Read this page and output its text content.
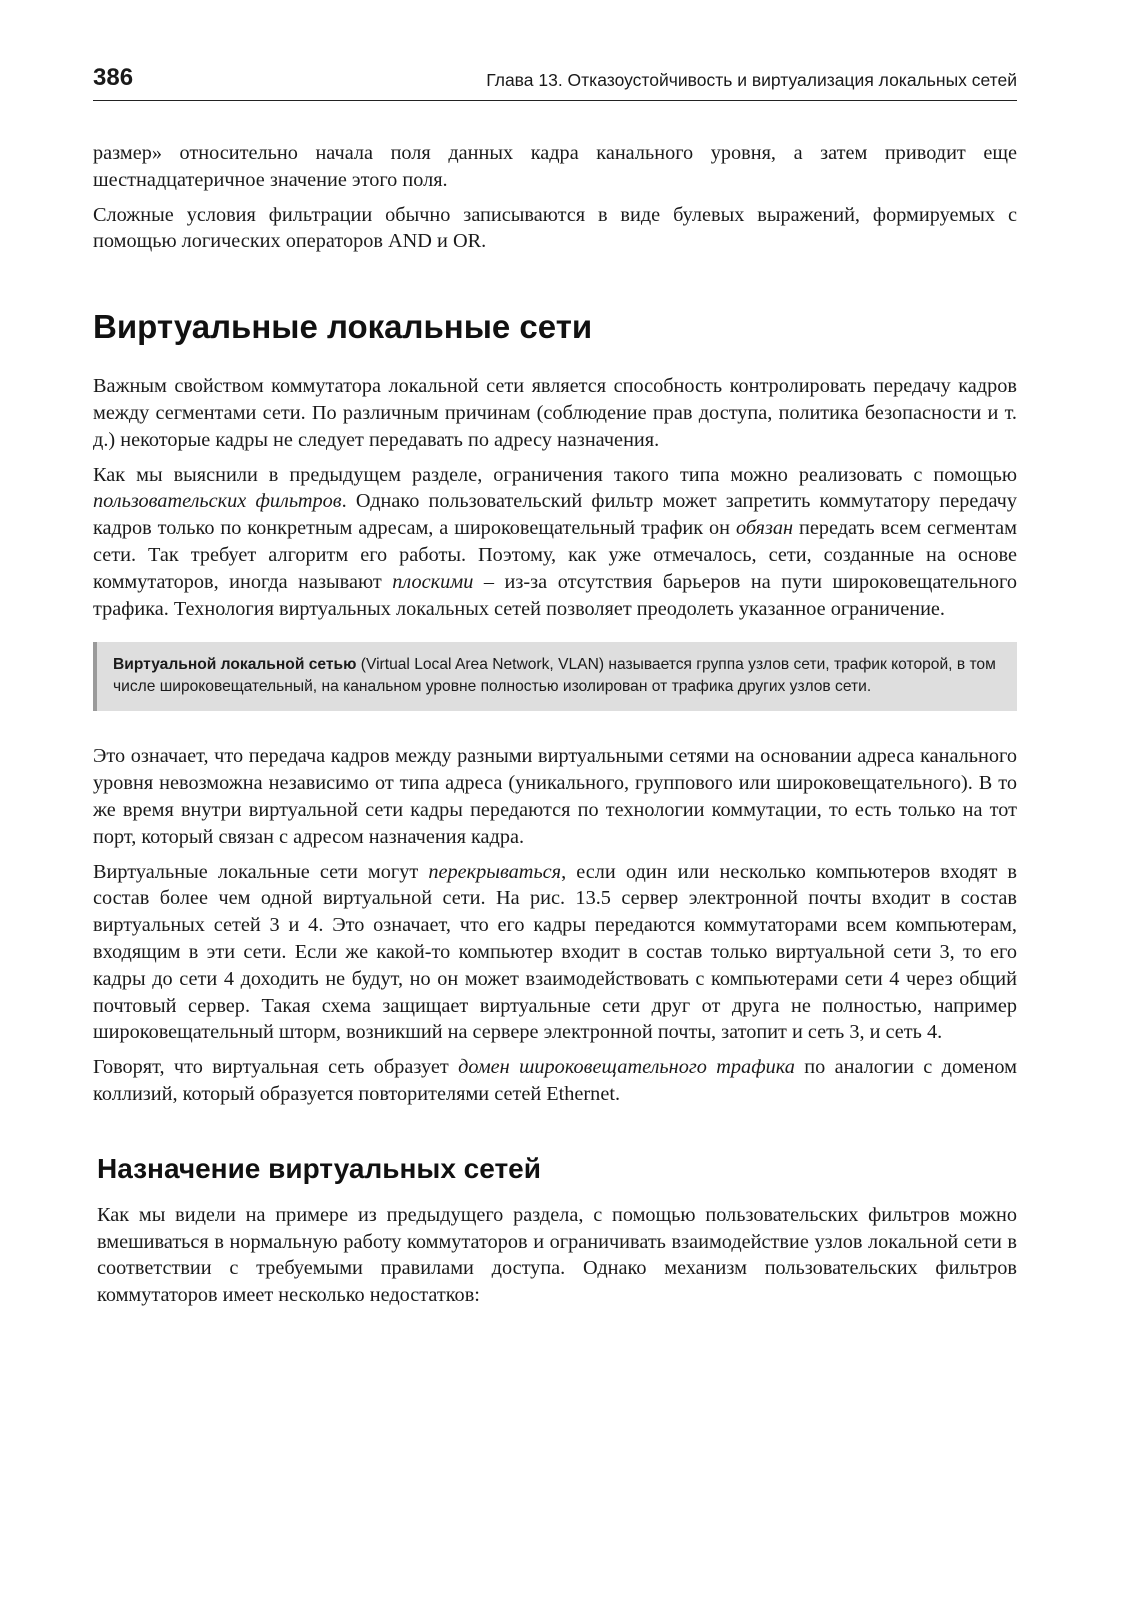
386	Глава 13. Отказоустойчивость и виртуализация локальных сетей

размер» относительно начала поля данных кадра канального уровня, а затем приводит еще шестнадцатеричное значение этого поля.

Сложные условия фильтрации обычно записываются в виде булевых выражений, формируемых с помощью логических операторов AND и OR.

Виртуальные локальные сети

Важным свойством коммутатора локальной сети является способность контролировать передачу кадров между сегментами сети. По различным причинам (соблюдение прав доступа, политика безопасности и т. д.) некоторые кадры не следует передавать по адресу назначения.

Как мы выяснили в предыдущем разделе, ограничения такого типа можно реализовать с помощью пользовательских фильтров. Однако пользовательский фильтр может запретить коммутатору передачу кадров только по конкретным адресам, а широковещательный трафик он обязан передать всем сегментам сети. Так требует алгоритм его работы. Поэтому, как уже отмечалось, сети, созданные на основе коммутаторов, иногда называют плоскими – из-за отсутствия барьеров на пути широковещательного трафика. Технология виртуальных локальных сетей позволяет преодолеть указанное ограничение.

Виртуальной локальной сетью (Virtual Local Area Network, VLAN) называется группа узлов сети, трафик которой, в том числе широковещательный, на канальном уровне полностью изолирован от трафика других узлов сети.

Это означает, что передача кадров между разными виртуальными сетями на основании адреса канального уровня невозможна независимо от типа адреса (уникального, группового или широковещательного). В то же время внутри виртуальной сети кадры передаются по технологии коммутации, то есть только на тот порт, который связан с адресом назначения кадра.

Виртуальные локальные сети могут перекрываться, если один или несколько компьютеров входят в состав более чем одной виртуальной сети. На рис. 13.5 сервер электронной почты входит в состав виртуальных сетей 3 и 4. Это означает, что его кадры передаются коммутаторами всем компьютерам, входящим в эти сети. Если же какой-то компьютер входит в состав только виртуальной сети 3, то его кадры до сети 4 доходить не будут, но он может взаимодействовать с компьютерами сети 4 через общий почтовый сервер. Такая схема защищает виртуальные сети друг от друга не полностью, например широковещательный шторм, возникший на сервере электронной почты, затопит и сеть 3, и сеть 4.

Говорят, что виртуальная сеть образует домен широковещательного трафика по аналогии с доменом коллизий, который образуется повторителями сетей Ethernet.

Назначение виртуальных сетей

Как мы видели на примере из предыдущего раздела, с помощью пользовательских фильтров можно вмешиваться в нормальную работу коммутаторов и ограничивать взаимодействие узлов локальной сети в соответствии с требуемыми правилами доступа. Однако механизм пользовательских фильтров коммутаторов имеет несколько недостатков:
